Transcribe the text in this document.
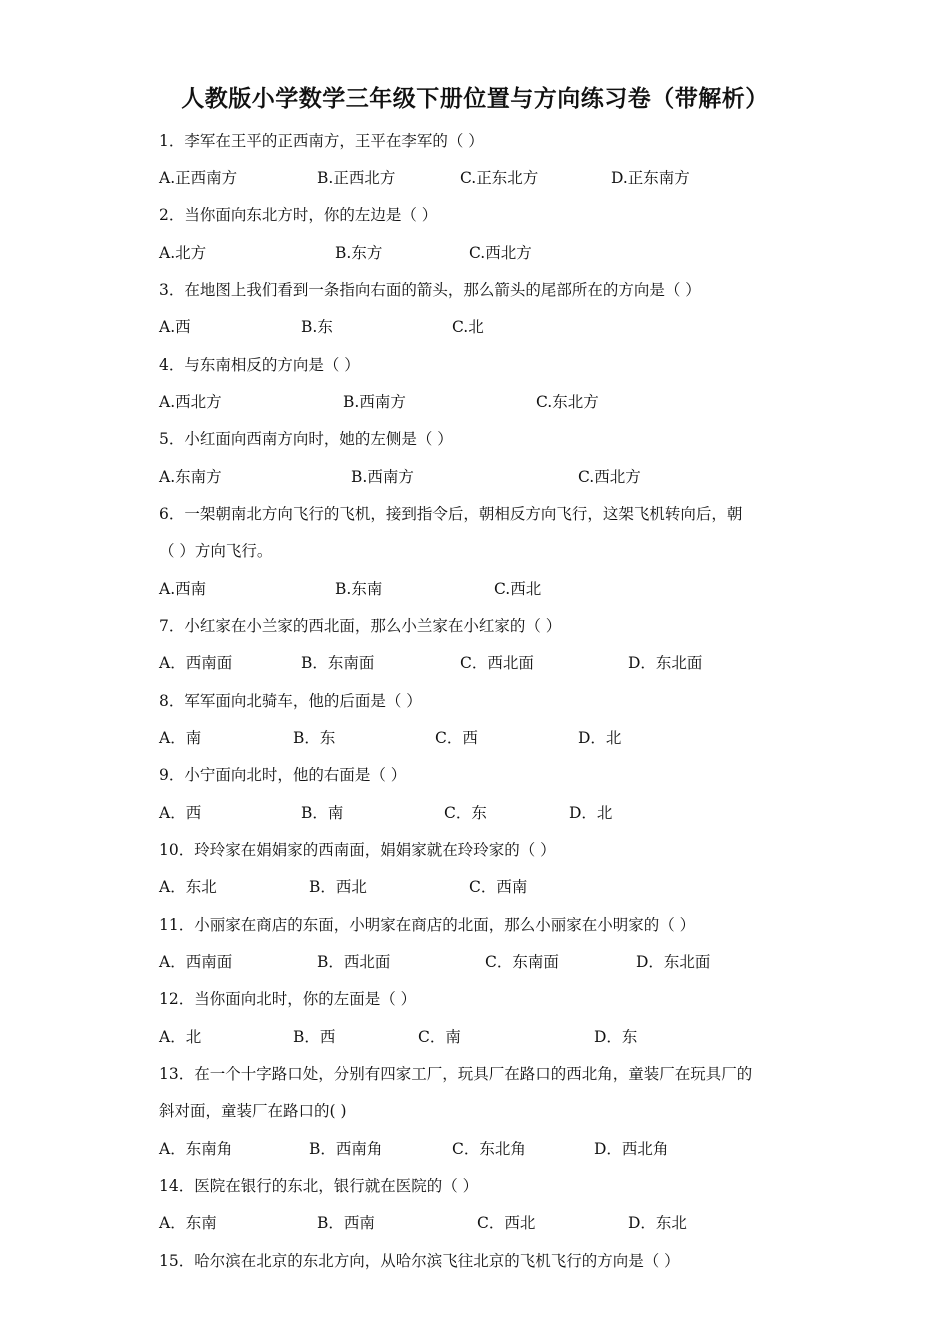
人教版小学数学三年级下册位置与方向练习卷（带解析）
1．李军在王平的正西南方，王平在李军的（ ）
A.正西南方	B.正西北方	C.正东北方	D.正东南方
2．当你面向东北方时，你的左边是（ ）
A.北方	B.东方	C.西北方
3．在地图上我们看到一条指向右面的箭头，那么箭头的尾部所在的方向是（ ）
A.西	B.东	C.北
4．与东南相反的方向是（ ）
A.西北方	B.西南方	C.东北方
5．小红面向西南方向时，她的左侧是（ ）
A.东南方	B.西南方	C.西北方
6．一架朝南北方向飞行的飞机，接到指令后，朝相反方向飞行，这架飞机转向后，朝
（ ）方向飞行。
A.西南	B.东南	C.西北
7．小红家在小兰家的西北面，那么小兰家在小红家的（ ）
A．西南面	B．东南面	C．西北面	D．东北面
8．军军面向北骑车，他的后面是（ ）
A．南	B．东	C．西	D．北
9．小宁面向北时，他的右面是（ ）
A．西	B．南	C．东	D．北
10．玲玲家在娟娟家的西南面，娟娟家就在玲玲家的（ ）
A．东北	B．西北	C．西南
11．小丽家在商店的东面，小明家在商店的北面，那么小丽家在小明家的（ ）
A．西南面	B．西北面	C．东南面	D．东北面
12．当你面向北时，你的左面是（ ）
A．北	B．西	C．南	D．东
13．在一个十字路口处，分别有四家工厂，玩具厂在路口的西北角，童装厂在玩具厂的
斜对面，童装厂在路口的( )
A．东南角	B．西南角	C．东北角	D．西北角
14．医院在银行的东北，银行就在医院的（ ）
A．东南	B．西南	C．西北	D．东北
15．哈尔滨在北京的东北方向，从哈尔滨飞往北京的飞机飞行的方向是（ ）
